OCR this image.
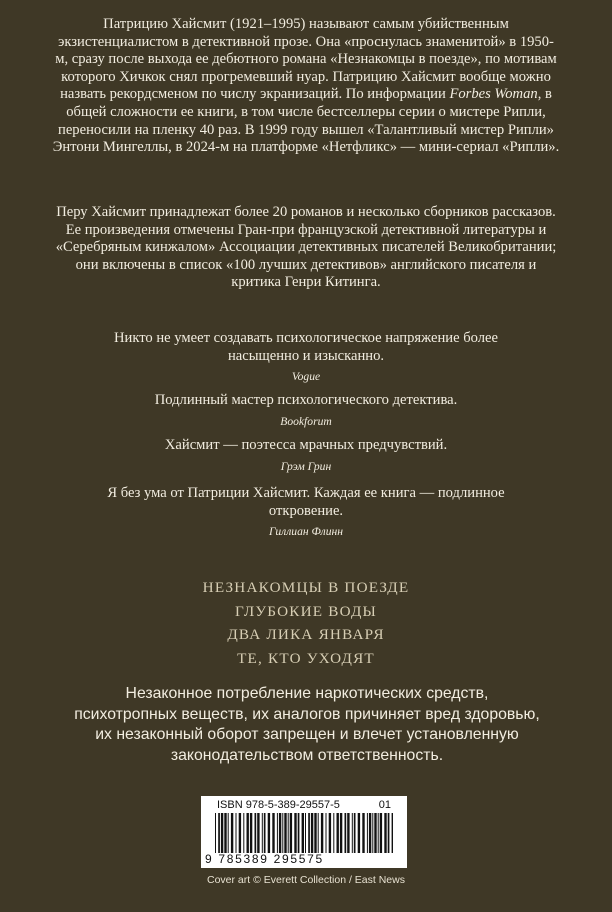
Патрицию Хайсмит (1921–1995) называют самым убийственным экзистенциалистом в детективной прозе. Она «проснулась знаменитой» в 1950-м, сразу после выхода ее дебютного романа «Незнакомцы в поезде», по мотивам которого Хичкок снял прогремевший нуар. Патрицию Хайсмит вообще можно назвать рекордсменом по числу экранизаций. По информации Forbes Woman, в общей сложности ее книги, в том числе бестселлеры серии о мистере Рипли, переносили на пленку 40 раз. В 1999 году вышел «Талантливый мистер Рипли» Энтони Мингеллы, в 2024-м на платформе «Нетфликс» — мини-сериал «Рипли».

Перу Хайсмит принадлежат более 20 романов и несколько сборников рассказов. Ее произведения отмечены Гран-при французской детективной литературы и «Серебряным кинжалом» Ассоциации детективных писателей Великобритании; они включены в список «100 лучших детективов» английского писателя и критика Генри Китинга.

Никто не умеет создавать психологическое напряжение более насыщенно и изысканно.
Vogue
Подлинный мастер психологического детектива.
Bookforum
Хайсмит — поэтесса мрачных предчувствий.
Грэм Грин
Я без ума от Патриции Хайсмит. Каждая ее книга — подлинное откровение.
Гиллиан Флинн
НЕЗНАКОМЦЫ В ПОЕЗДЕ
ГЛУБОКИЕ ВОДЫ
ДВА ЛИКА ЯНВАРЯ
ТЕ, КТО УХОДЯТ
Незаконное потребление наркотических средств, психотропных веществ, их аналогов причиняет вред здоровью, их незаконный оборот запрещен и влечет установленную законодательством ответственность.
ISBN 978-5-389-29557-5	01
9 785389 295575
Cover art © Everett Collection / East News
